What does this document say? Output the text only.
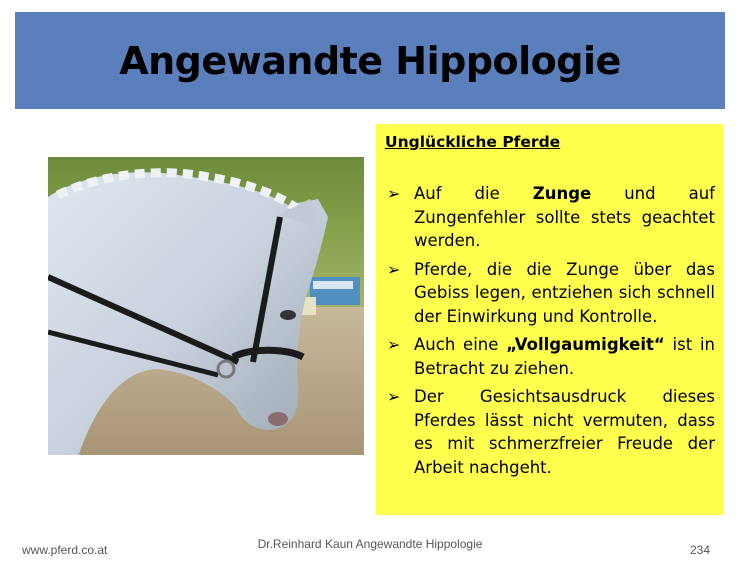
Angewandte Hippologie
Unglückliche Pferde
➢ Auf die Zunge und auf Zungenfehler sollte stets geachtet werden.
➢ Pferde, die die Zunge über das Gebiss legen, entziehen sich schnell der Einwirkung und Kontrolle.
➢ Auch eine „Vollgaumigkeit“ ist in Betracht zu ziehen.
➢ Der Gesichtsausdruck dieses Pferdes lässt nicht vermuten, dass es mit schmerzfreier Freude der Arbeit nachgeht.
www.pferd.co.at	Dr.Reinhard Kaun Angewandte Hippologie	234
